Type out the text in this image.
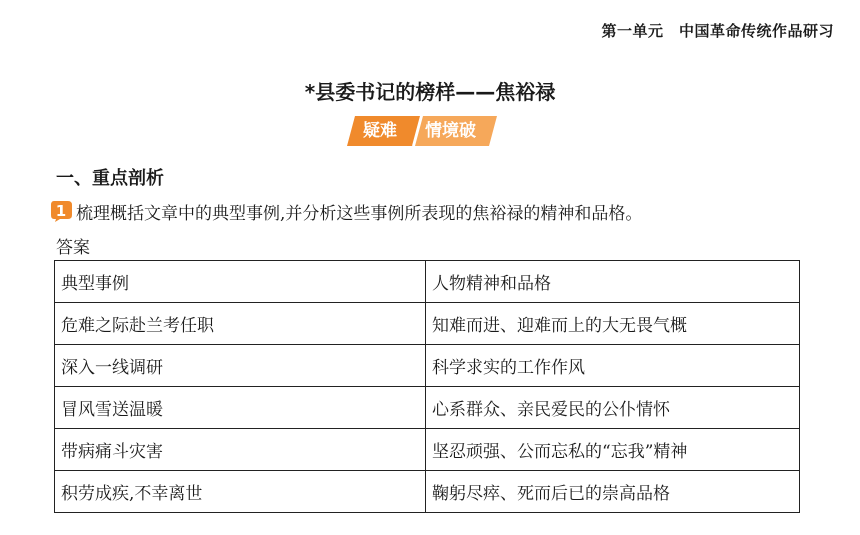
第一单元　中国革命传统作品研习
*县委书记的榜样——焦裕禄
疑难 情境破
一、重点剖析
1 梳理概括文章中的典型事例,并分析这些事例所表现的焦裕禄的精神和品格。
答案
典型事例	人物精神和品格
危难之际赴兰考任职	知难而进、迎难而上的大无畏气概
深入一线调研	科学求实的工作作风
冒风雪送温暖	心系群众、亲民爱民的公仆情怀
带病痛斗灾害	坚忍顽强、公而忘私的“忘我”精神
积劳成疾,不幸离世	鞠躬尽瘁、死而后已的崇高品格
